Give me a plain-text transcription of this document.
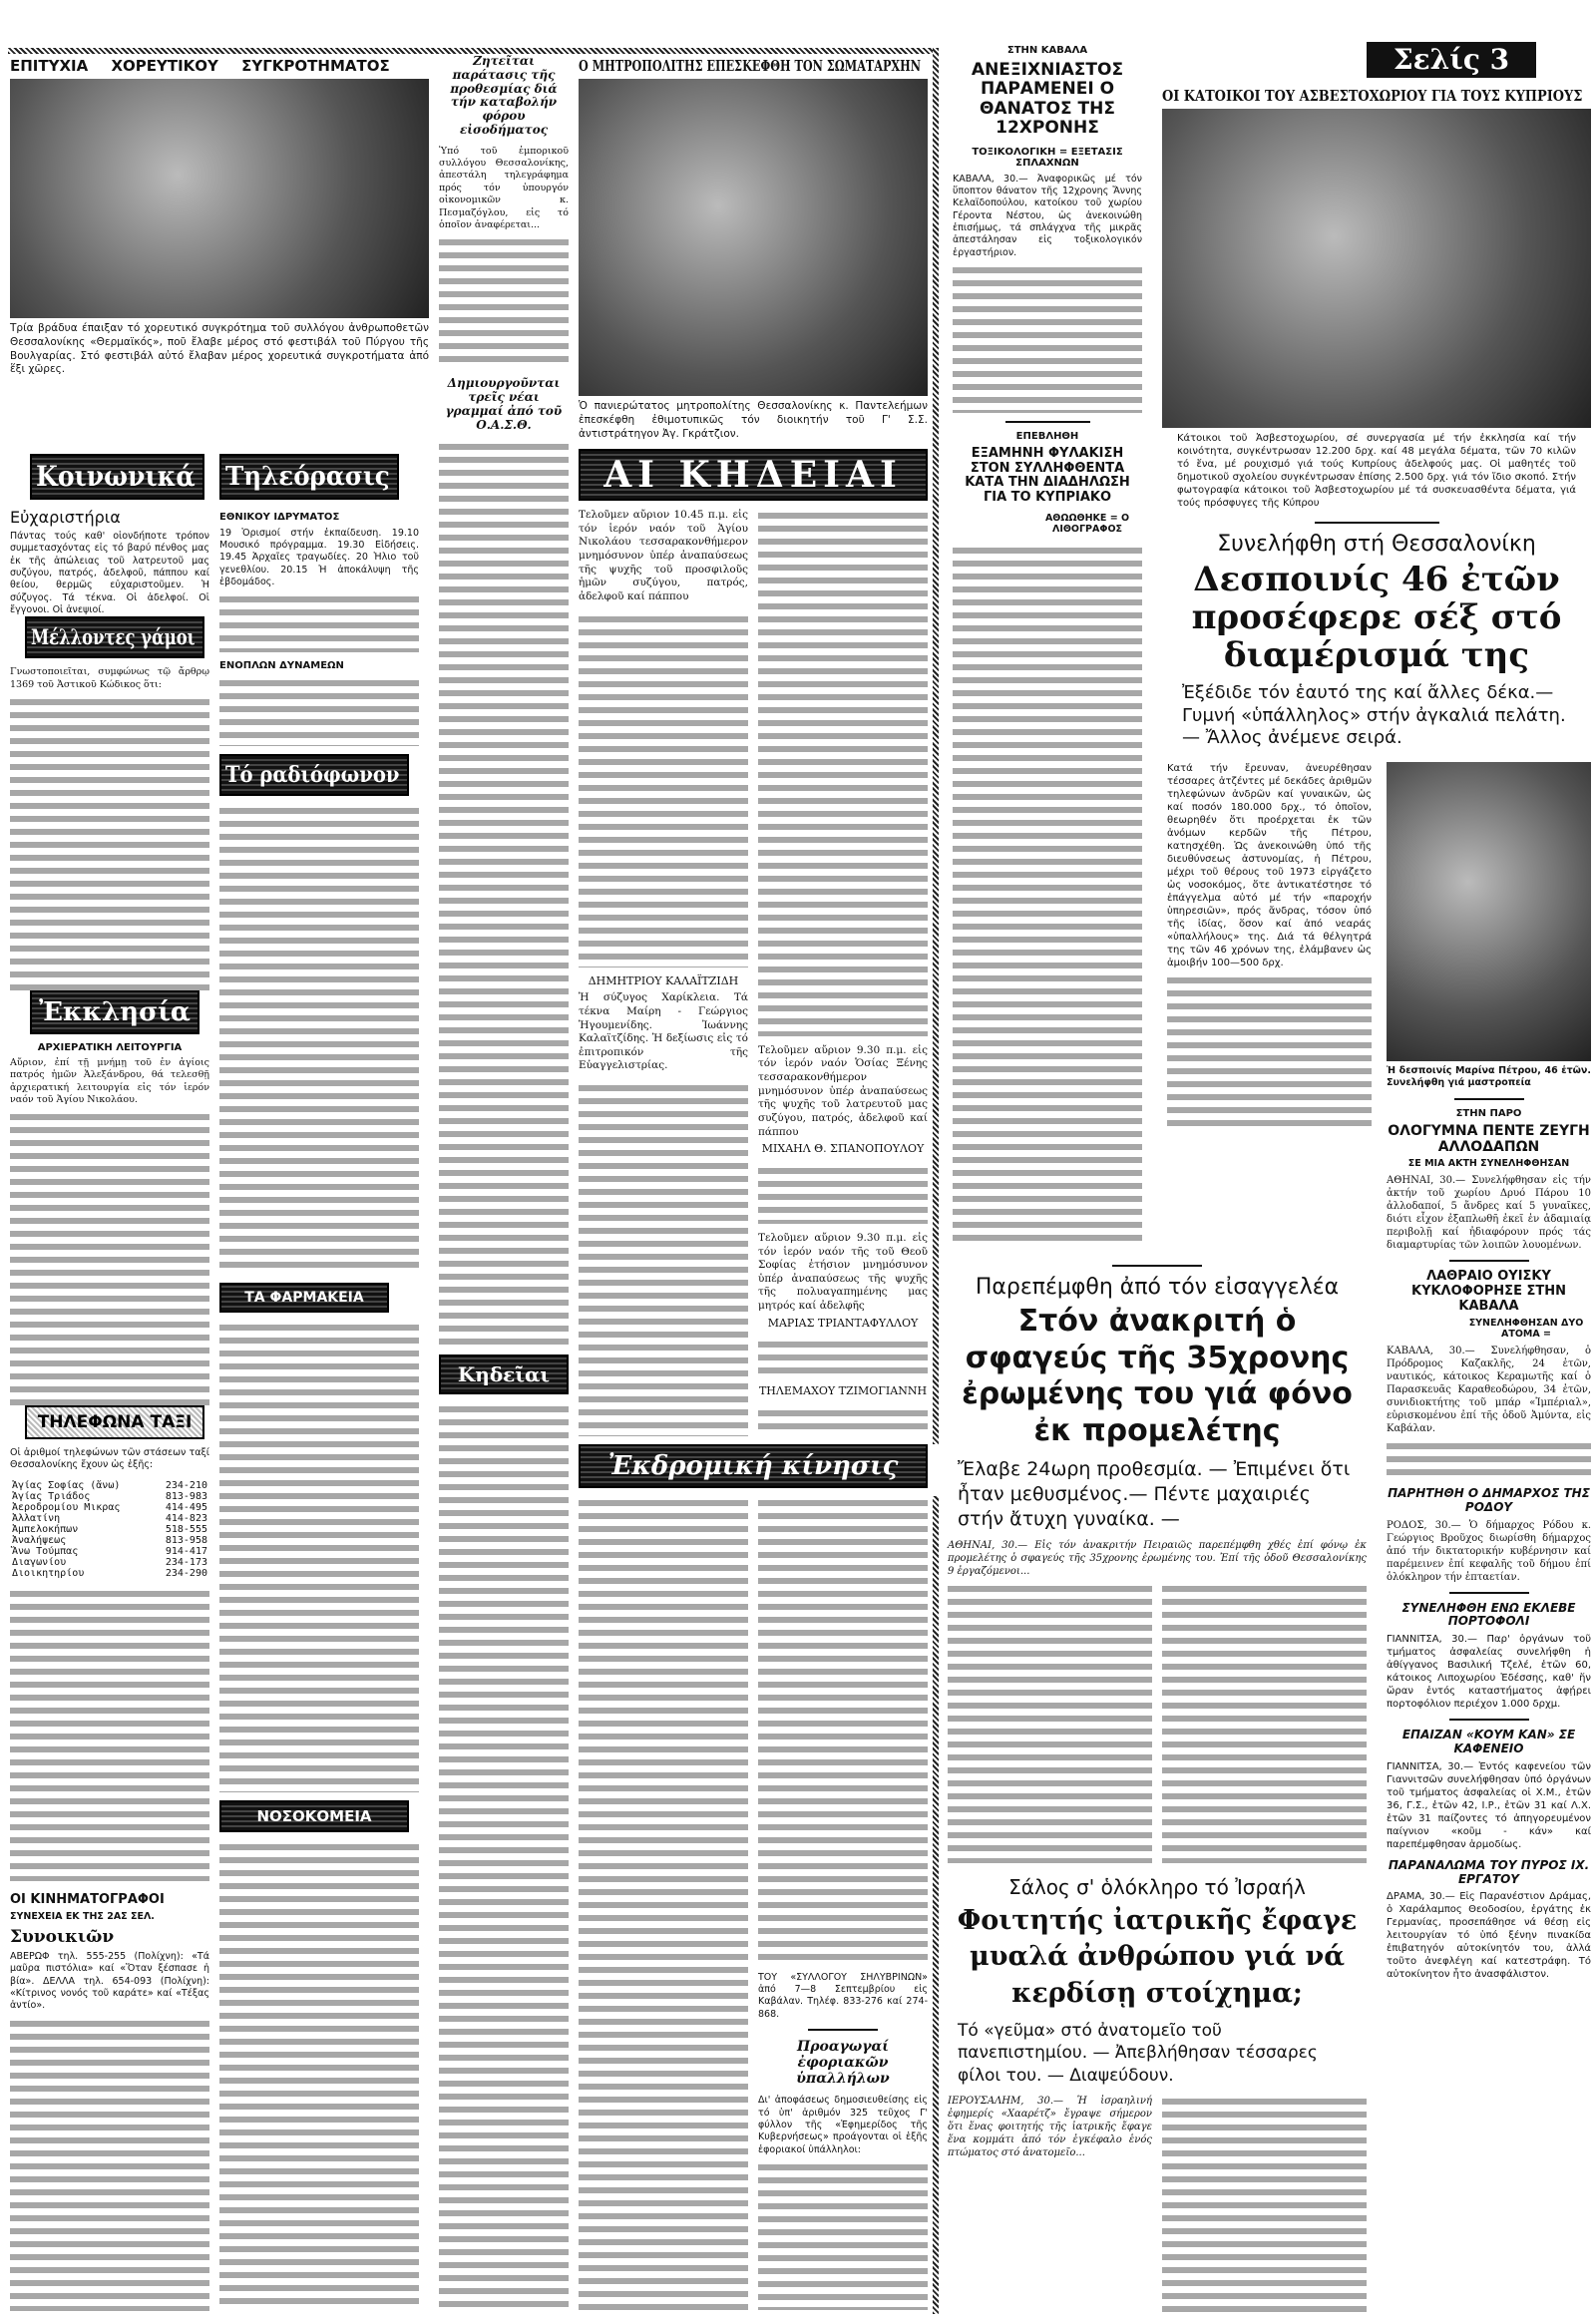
Σελίς 3
ΕΠΙΤΥΧΙΑ ΧΟΡΕΥΤΙΚΟΥ ΣΥΓΚΡΟΤΗΜΑΤΟΣ
Τρία βράδυα έπαιξαν τό χορευτικό συγκρότημα τοῦ συλλόγου ἀνθρωποθετῶν Θεσσαλονίκης «Θερμαϊκός», ποῦ ἔλαβε μέρος στό φεστιβάλ τοῦ Πύργου τῆς Βουλγαρίας. Στό φεστιβάλ αὐτό ἔλαβαν μέρος χορευτικά συγκροτήματα ἀπό ἕξι χῶρες.
Ζητεῖται παράτασις τῆς προθεσμίας διά τήν καταβολήν φόρου εἰσοδήματος
Ὑπό τοῦ ἐμπορικοῦ συλλόγου Θεσσαλονίκης, ἀπεστάλη τηλεγράφημα πρός τόν ὑπουργόν οἰκονομικῶν κ. Πεσμαζόγλου, εἰς τό ὁποῖον ἀναφέρεται...
Δημιουργοῦνται τρεῖς νέαι γραμμαί ἀπό τοῦ Ο.Α.Σ.Θ.
Κηδεῖαι
Ο ΜΗΤΡΟΠΟΛΙΤΗΣ ΕΠΕΣΚΕΦΘΗ ΤΟΝ ΣΩΜΑΤΑΡΧΗΝ
Ὁ πανιερώτατος μητροπολίτης Θεσσαλονίκης κ. Παντελεήμων ἐπεσκέφθη ἐθιμοτυπικῶς τόν διοικητήν τοῦ Γ' Σ.Σ. ἀντιστράτηγον Ἀγ. Γκράτζιον.
ΑΙ ΚΗΔΕΙΑΙ
Τελοῦμεν αὔριον 10.45 π.μ. εἰς τόν ἱερόν ναόν τοῦ Ἁγίου Νικολάου τεσσαρακονθήμερον μνημόσυνον ὑπέρ ἀναπαύσεως τῆς ψυχῆς τοῦ προσφιλοῦς ἡμῶν συζύγου, πατρός, ἀδελφοῦ καί πάππου
ΔΗΜΗΤΡΙΟΥ ΚΑΛΑΪΤΖΙΔΗ
Ἡ σύζυγος Χαρίκλεια. Τά τέκνα Μαίρη - Γεώργιος Ἡγουμενίδης. Ἰωάννης Καλαϊτζίδης. Ἡ δεξίωσις εἰς τό ἐπιτροπικόν τῆς Εὐαγγελιστρίας.
Τελοῦμεν αὔριον 9.30 π.μ. εἰς τόν ἱερόν ναόν Ὁσίας Ξένης τεσσαρακονθήμερον μνημόσυνον ὑπέρ ἀναπαύσεως τῆς ψυχῆς τοῦ λατρευτοῦ μας συζύγου, πατρός, ἀδελφοῦ καί πάππου
ΜΙΧΑΗΛ Θ. ΣΠΑΝΟΠΟΥΛΟΥ
Τελοῦμεν αὔριον 9.30 π.μ. εἰς τόν ἱερόν ναόν τῆς τοῦ Θεοῦ Σοφίας ἐτήσιον μνημόσυνον ὑπέρ ἀναπαύσεως τῆς ψυχῆς τῆς πολυαγαπημένης μας μητρός καί ἀδελφῆς
ΜΑΡΙΑΣ ΤΡΙΑΝΤΑΦΥΛΛΟΥ
ΤΗΛΕΜΑΧΟΥ ΤΖΙΜΟΓΙΑΝΝΗ
Ἐκδρομική κίνησις
ΤΟΥ «ΣΥΛΛΟΓΟΥ ΣΗΛΥΒΡΙΝΩΝ» ἀπό 7—8 Σεπτεμβρίου εἰς Καβάλαν. Τηλέφ. 833-276 καί 274-868.
Προαγωγαί ἐφοριακῶν ὑπαλλήλων
Δι' ἀποφάσεως δημοσιευθείσης εἰς τό ὑπ' ἀριθμόν 325 τεῦχος Γ' φύλλον τῆς «Ἐφημερίδος τῆς Κυβερνήσεως» προάγονται οἱ ἑξῆς ἐφοριακοί ὑπάλληλοι:
ΣΤΗΝ ΚΑΒΑΛΑ
ΑΝΕΞΙΧΝΙΑΣΤΟΣ ΠΑΡΑΜΕΝΕΙ Ο ΘΑΝΑΤΟΣ ΤΗΣ 12ΧΡΟΝΗΣ
ΤΟΞΙΚΟΛΟΓΙΚΗ = ΕΞΕΤΑΣΙΣ ΣΠΛΑΧΝΩΝ
ΚΑΒΑΛΑ, 30.— Ἀναφορικῶς μέ τόν ὕποπτον θάνατον τῆς 12χρονης Ἄννης Κελαϊδοπούλου, κατοίκου τοῦ χωρίου Γέροντα Νέστου, ὡς ἀνεκοινώθη ἐπισήμως, τά σπλάγχνα τῆς μικρᾶς ἀπεστάλησαν εἰς τοξικολογικόν ἐργαστήριον.
ΕΠΕΒΛΗΘΗ
ΕΞΑΜΗΝΗ ΦΥΛΑΚΙΣΗ ΣΤΟΝ ΣΥΛΛΗΦΘΕΝΤΑ ΚΑΤΑ ΤΗΝ ΔΙΑΔΗΛΩΣΗ ΓΙΑ ΤΟ ΚΥΠΡΙΑΚΟ
ΑΘΩΩΘΗΚΕ = Ο ΛΙΘΟΓΡΑΦΟΣ
ΟΙ ΚΑΤΟΙΚΟΙ ΤΟΥ ΑΣΒΕΣΤΟΧΩΡΙΟΥ ΓΙΑ ΤΟΥΣ ΚΥΠΡΙΟΥΣ
Κάτοικοι τοῦ Ἀσβεστοχωρίου, σέ συνεργασία μέ τήν ἐκκλησία καί τήν κοινότητα, συγκέντρωσαν 12.200 δρχ. καί 48 μεγάλα δέματα, τῶν 70 κιλῶν τό ἕνα, μέ ρουχισμό γιά τούς Κυπρίους ἀδελφούς μας. Οἱ μαθητές τοῦ δημοτικοῦ σχολείου συγκέντρωσαν ἐπίσης 2.500 δρχ. γιά τόν ἴδιο σκοπό. Στήν φωτογραφία κάτοικοι τοῦ Ἀσβεστοχωρίου μέ τά συσκευασθέντα δέματα, γιά τούς πρόσφυγες τῆς Κύπρου
Συνελήφθη στή Θεσσαλονίκη
Δεσποινίς 46 ἐτῶν προσέφερε σέξ στό διαμέρισμά της
Ἐξέδιδε τόν ἑαυτό της καί ἄλλες δέκα.—Γυμνή «ὑπάλληλος» στήν ἀγκαλιά πελάτη.— Ἄλλος ἀνέμενε σειρά.
Κατά τήν ἔρευναν, ἀνευρέθησαν τέσσαρες ἀτζέντες μέ δεκάδες ἀριθμῶν τηλεφώνων ἀνδρῶν καί γυναικῶν, ὡς καί ποσόν 180.000 δρχ., τό ὁποῖον, θεωρηθέν ὅτι προέρχεται ἐκ τῶν ἀνόμων κερδῶν τῆς Πέτρου, κατησχέθη. Ὡς ἀνεκοινώθη ὑπό τῆς διευθύνσεως ἀστυνομίας, ἡ Πέτρου, μέχρι τοῦ θέρους τοῦ 1973 εἰργάζετο ὡς νοσοκόμος, ὅτε ἀντικατέστησε τό ἐπάγγελμα αὐτό μέ τήν «παροχήν ὑπηρεσιῶν», πρός ἄνδρας, τόσον ὑπό τῆς ἰδίας, ὅσον καί ἀπό νεαράς «ὑπαλλήλους» της. Διά τά θέλγητρά της τῶν 46 χρόνων της, ἐλάμβανεν ὡς ἀμοιβήν 100—500 δρχ.
Ἡ δεσποινίς Μαρίνα Πέτρου, 46 ἐτῶν. Συνελήφθη γιά μαστροπεία
ΣΤΗΝ ΠΑΡΟ
ΟΛΟΓΥΜΝΑ ΠΕΝΤΕ ΖΕΥΓΗ ΑΛΛΟΔΑΠΩΝ
ΣΕ ΜΙΑ ΑΚΤΗ ΣΥΝΕΛΗΦΘΗΣΑΝ
ΑΘΗΝΑΙ, 30.— Συνελήφθησαν εἰς τήν ἀκτήν τοῦ χωρίου Δρυό Πάρου 10 ἀλλοδαποί, 5 ἄνδρες καί 5 γυναῖκες, διότι εἶχον ἐξαπλωθῆ ἐκεῖ ἐν ἀδαμιαίᾳ περιβολῇ καί ἠδιαφόρουν πρός τάς διαμαρτυρίας τῶν λοιπῶν λουομένων.
ΛΑΘΡΑΙΟ ΟΥΙΣΚΥ ΚΥΚΛΟΦΟΡΗΣΕ ΣΤΗΝ ΚΑΒΑΛΑ
ΣΥΝΕΛΗΦΘΗΣΑΝ ΔΥΟ ΑΤΟΜΑ =
ΚΑΒΑΛΑ, 30.— Συνελήφθησαν, ὁ Πρόδρομος Καζακλῆς, 24 ἐτῶν, ναυτικός, κάτοικος Κεραμωτῆς καί ὁ Παρασκευᾶς Καραθεοδώρου, 34 ἐτῶν, συνιδιοκτήτης τοῦ μπάρ «Ἰμπέριαλ», εὑρισκομένου ἐπί τῆς ὁδοῦ Ἀμύντα, εἰς Καβάλαν.
ΠΑΡΗΤΗΘΗ Ο ΔΗΜΑΡΧΟΣ ΤΗΣ ΡΟΔΟΥ
ΡΟΔΟΣ, 30.— Ὁ δήμαρχος Ρόδου κ. Γεώργιος Βροῦχος διωρίσθη δήμαρχος ἀπό τήν δικτατορικήν κυβέρνησιν καί παρέμεινεν ἐπί κεφαλῆς τοῦ δήμου ἐπί ὁλόκληρον τήν ἑπταετίαν.
ΣΥΝΕΛΗΦΘΗ ΕΝΩ ΕΚΛΕΒΕ ΠΟΡΤΟΦΟΛΙ
ΓΙΑΝΝΙΤΣΑ, 30.— Παρ' ὀργάνων τοῦ τμήματος ἀσφαλείας συνελήφθη ἡ ἀθίγγανος Βασιλική Τζελέ, ἐτῶν 60, κάτοικος Λιποχωρίου Ἐδέσσης, καθ' ἥν ὥραν ἐντός καταστήματος ἀφῄρει πορτοφόλιον περιέχον 1.000 δρχμ.
ΕΠΑΙΖΑΝ «ΚΟΥΜ ΚΑΝ» ΣΕ ΚΑΦΕΝΕΙΟ
ΓΙΑΝΝΙΤΣΑ, 30.— Ἐντός καφενείου τῶν Γιαννιτσῶν συνελήφθησαν ὑπό ὀργάνων τοῦ τμήματος ἀσφαλείας οἱ Χ.Μ., ἐτῶν 36, Γ.Σ., ἐτῶν 42, Ι.Ρ., ἐτῶν 31 καί Λ.Χ. ἐτῶν 31 παίζοντες τό ἀπηγορευμένον παίγνιον «κοῦμ - κάν» καί παρεπέμφθησαν ἁρμοδίως.
ΠΑΡΑΝΑΛΩΜΑ ΤΟΥ ΠΥΡΟΣ ΙΧ. ΕΡΓΑΤΟΥ
ΔΡΑΜΑ, 30.— Εἰς Παρανέστιον Δράμας, ὁ Χαράλαμπος Θεοδοσίου, ἐργάτης ἐκ Γερμανίας, προσεπάθησε νά θέσῃ εἰς λειτουργίαν τό ὑπό ξένην πινακίδα ἐπιβατηγόν αὐτοκίνητόν του, ἀλλά τοῦτο ἀνεφλέγη καί κατεστράφη. Τό αὐτοκίνητον ἦτο ἀνασφάλιστον.
Παρεπέμφθη ἀπό τόν εἰσαγγελέα
Στόν ἀνακριτή ὁ σφαγεύς τῆς 35χρονης ἐρωμένης του γιά φόνο ἐκ προμελέτης
Ἔλαβε 24ωρη προθεσμία. — Ἐπιμένει ὅτι ἦταν μεθυσμένος.— Πέντε μαχαιριές στήν ἄτυχη γυναίκα. —
ΑΘΗΝΑΙ, 30.— Εἰς τόν ἀνακριτήν Πειραιῶς παρεπέμφθη χθές ἐπί φόνῳ ἐκ προμελέτης ὁ σφαγεύς τῆς 35χρονης ἐρωμένης του. Ἐπί τῆς ὁδοῦ Θεσσαλονίκης 9 ἐργαζόμενοι...
Σάλος σ' ὁλόκληρο τό Ἰσραήλ
Φοιτητής ἰατρικῆς ἔφαγε μυαλά ἀνθρώπου γιά νά κερδίσῃ στοίχημα;
Τό «γεῦμα» στό ἀνατομεῖο τοῦ πανεπιστημίου. — Ἀπεβλήθησαν τέσσαρες φίλοι του. — Διαψεύδουν.
ΙΕΡΟΥΣΑΛΗΜ, 30.— Ἡ ἰσραηλινή ἐφημερίς «Χααρέτζ» ἔγραψε σήμερον ὅτι ἕνας φοιτητής τῆς ἰατρικῆς ἔφαγε ἕνα κομμάτι ἀπό τόν ἐγκέφαλο ἑνός πτώματος στό ἀνατομεῖο...
Κοινωνικά
Εὐχαριστήρια
Πάντας τούς καθ' οἱονδήποτε τρόπον συμμετασχόντας εἰς τό βαρύ πένθος μας ἐκ τῆς ἀπώλειας τοῦ λατρευτοῦ μας συζύγου, πατρός, ἀδελφοῦ, πάππου καί θείου, θερμῶς εὐχαριστοῦμεν. Ἡ σύζυγος. Τά τέκνα. Οἱ ἀδελφοί. Οἱ ἔγγονοι. Οἱ ἀνεψιοί.
Μέλλοντες γάμοι
Γνωστοποιεῖται, συμφώνως τῷ ἄρθρῳ 1369 τοῦ Ἀστικοῦ Κώδικος ὅτι:
Ἐκκλησία
ΑΡΧΙΕΡΑΤΙΚΗ ΛΕΙΤΟΥΡΓΙΑ
Αὔριον, ἐπί τῇ μνήμῃ τοῦ ἐν ἁγίοις πατρός ἡμῶν Ἀλεξάνδρου, θά τελεσθῇ ἀρχιερατική λειτουργία εἰς τόν ἱερόν ναόν τοῦ Ἁγίου Νικολάου.
ΤΗΛΕΦΩΝΑ ΤΑΞΙ
Οἱ ἀριθμοί τηλεφώνων τῶν στάσεων ταξί Θεσσαλονίκης ἔχουν ὡς ἑξῆς:
Ἁγίας Σοφίας (ἄνω)	234-210
Ἁγίας Τριάδος	813-983
Ἀεροδρομίου Μικρας	414-495
Ἀλλατίνη	414-823
Ἀμπελοκήπων	518-555
Ἀναλήψεως	813-958
Ἄνω Τούμπας	914-417
Διαγωνίου	234-173
Διοικητηρίου	234-290
ΟΙ ΚΙΝΗΜΑΤΟΓΡΑΦΟΙ
ΣΥΝΕΧΕΙΑ ΕΚ ΤΗΣ 2ΑΣ ΣΕΛ.
Συνοικιῶν
ΑΒΕΡΩΦ τηλ. 555-255 (Πολίχνη): «Τά μαῦρα πιστόλια» καί «Ὅταν ξέσπασε ἡ βία». ΔΕΛΛΑ τηλ. 654-093 (Πολίχνη): «Κίτρινος νονός τοῦ καράτε» καί «Τέξας ἀντίο».
Τηλεόρασις
ΕΘΝΙΚΟΥ ΙΔΡΥΜΑΤΟΣ
19 Ὁρισμοί στήν ἐκπαίδευση. 19.10 Μουσικό πρόγραμμα. 19.30 Εἰδήσεις. 19.45 Ἀρχαῖες τραγωδίες. 20 Ἡλιο τοῦ γενεθλίου. 20.15 Ἡ ἀποκάλυψη τῆς ἑβδομάδος.
ΕΝΟΠΛΩΝ ΔΥΝΑΜΕΩΝ
Τό ραδιόφωνον
ΤΑ ΦΑΡΜΑΚΕΙΑ
ΝΟΣΟΚΟΜΕΙΑ
